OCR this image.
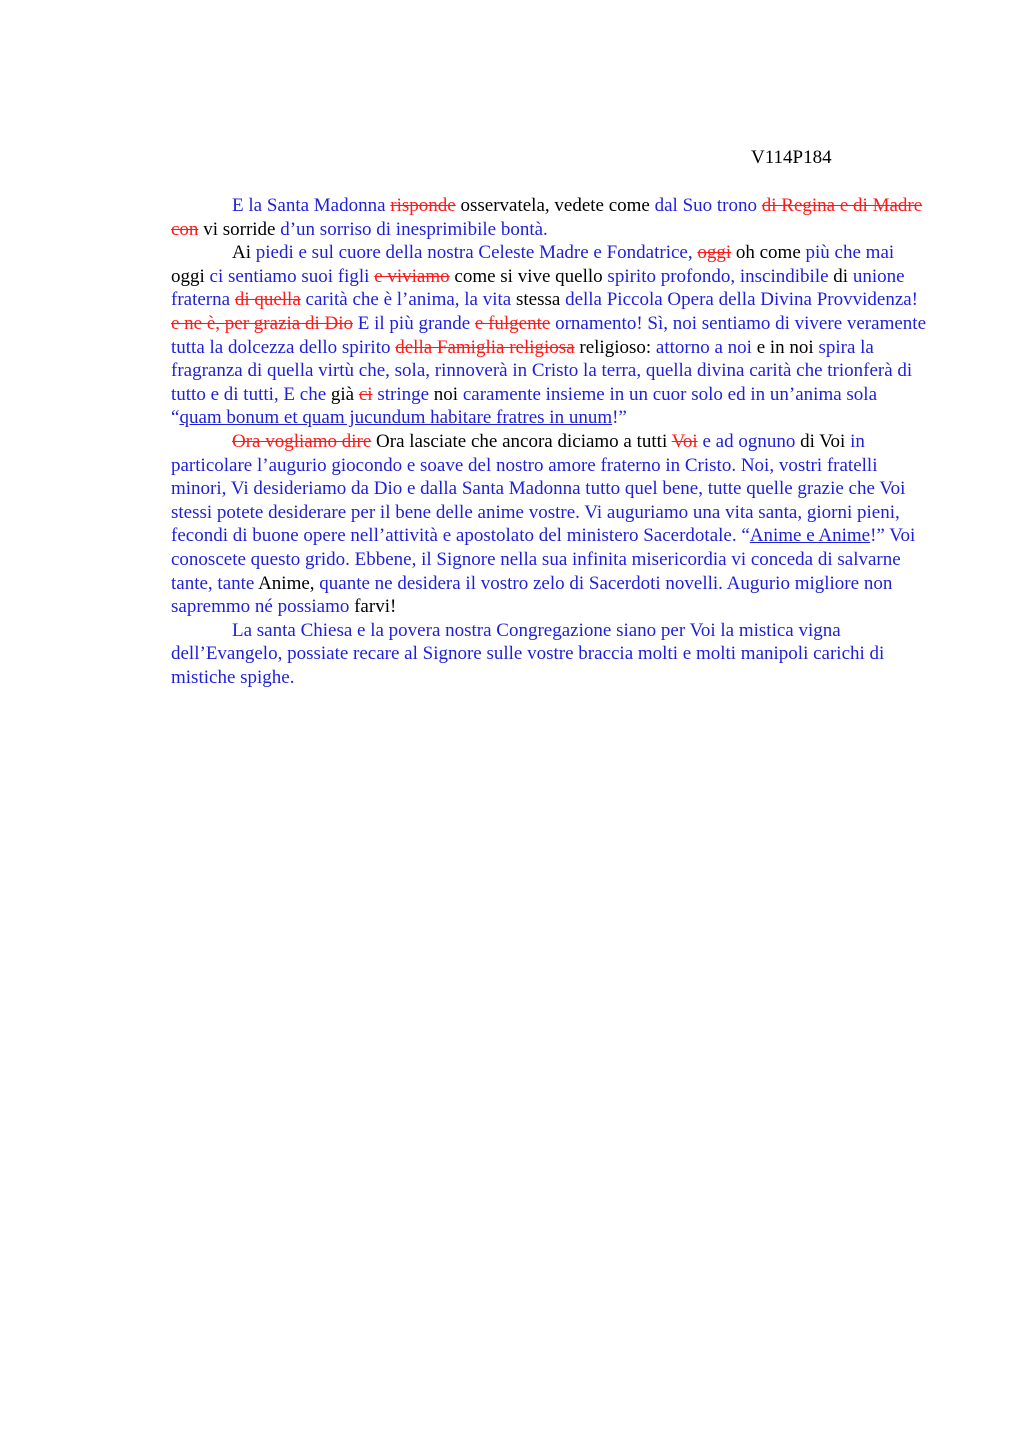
V114P184

E la Santa Madonna risponde osservatela, vedete come dal Suo trono di Regina e di Madre con vi sorride d’un sorriso di inesprimibile bontà.

Ai piedi e sul cuore della nostra Celeste Madre e Fondatrice, oggi oh come più che mai oggi ci sentiamo suoi figli e viviamo come si vive quello spirito profondo, inscindibile di unione fraterna di quella carità che è l’anima, la vita stessa della Piccola Opera della Divina Provvidenza! e ne è, per grazia di Dio E il più grande e fulgente ornamento! Sì, noi sentiamo di vivere veramente tutta la dolcezza dello spirito della Famiglia religiosa religioso: attorno a noi e in noi spira la fragranza di quella virtù che, sola, rinnoverà in Cristo la terra, quella divina carità che trionferà di tutto e di tutti, E che già ci stringe noi caramente insieme in un cuor solo ed in un’anima sola “quam bonum et quam jucundum habitare fratres in unum!”

Ora vogliamo dire Ora lasciate che ancora diciamo a tutti Voi e ad ognuno di Voi in particolare l’augurio giocondo e soave del nostro amore fraterno in Cristo. Noi, vostri fratelli minori, Vi desideriamo da Dio e dalla Santa Madonna tutto quel bene, tutte quelle grazie che Voi stessi potete desiderare per il bene delle anime vostre. Vi auguriamo una vita santa, giorni pieni, fecondi di buone opere nell’attività e apostolato del ministero Sacerdotale. “Anime e Anime!” Voi conoscete questo grido. Ebbene, il Signore nella sua infinita misericordia vi conceda di salvarne tante, tante Anime, quante ne desidera il vostro zelo di Sacerdoti novelli. Augurio migliore non sapremmo né possiamo farvi!

La santa Chiesa e la povera nostra Congregazione siano per Voi la mistica vigna dell’Evangelo, possiate recare al Signore sulle vostre braccia molti e molti manipoli carichi di mistiche spighe.
